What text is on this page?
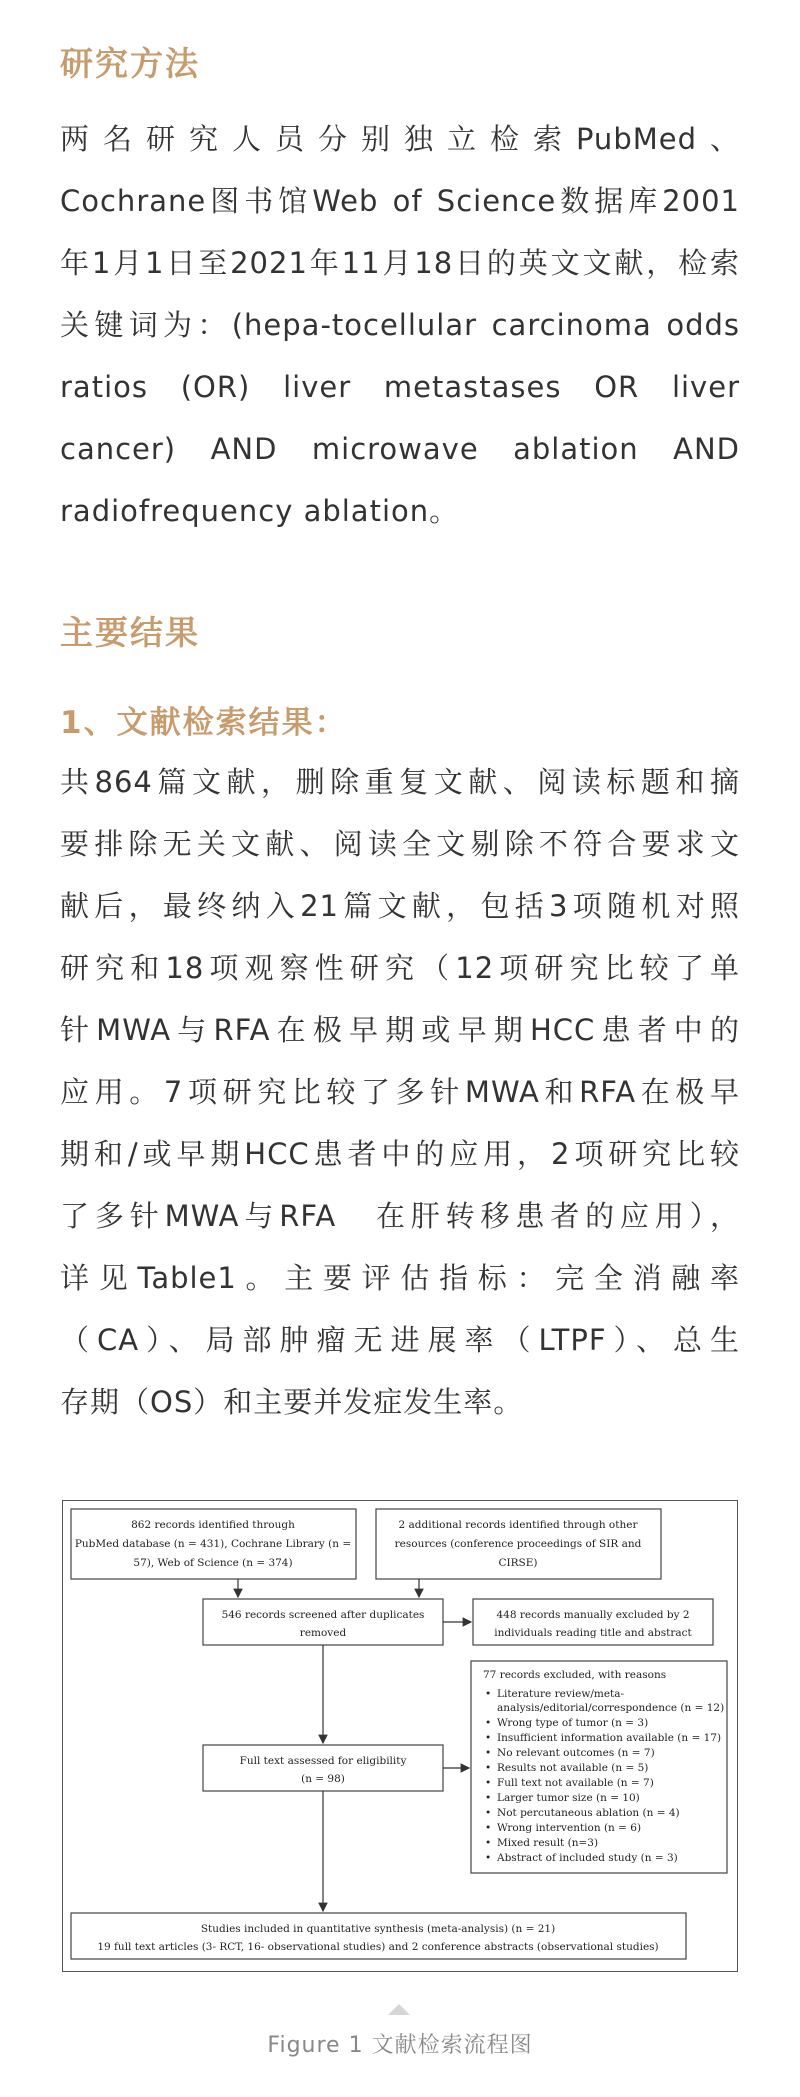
研究方法
两名研究人员分别独立检索PubMed、
Cochrane图书馆Web of Science数据库2001
年1月1日至2021年11月18日的英文文献，检索
关键词为：(hepa-tocellular carcinoma odds
ratios (OR) liver metastases OR liver
cancer) AND microwave ablation AND
radiofrequency ablation。
主要结果
1、文献检索结果：
共864篇文献，删除重复文献、阅读标题和摘
要排除无关文献、阅读全文剔除不符合要求文
献后，最终纳入21篇文献，包括3项随机对照
研究和18项观察性研究（12项研究比较了单
针MWA与RFA在极早期或早期HCC患者中的
应用。7项研究比较了多针MWA和RFA在极早
期和/或早期HCC患者中的应用，2项研究比较
了多针MWA与RFA　在肝转移患者的应用），
详见Table1。主要评估指标：完全消融率
（CA）、局部肿瘤无进展率（LTPF）、总生
存期（OS）和主要并发症发生率。
862 records identified through
PubMed database (n = 431), Cochrane Library (n =
57), Web of Science (n = 374)
2 additional records identified through other
resources (conference proceedings of SIR and
CIRSE)
546 records screened after duplicates
removed
448 records manually excluded by 2
individuals reading title and abstract
77 records excluded, with reasons
• Literature review/meta-
analysis/editorial/correspondence (n = 12)
• Wrong type of tumor (n = 3)
• Insufficient information available (n = 17)
• No relevant outcomes (n = 7)
• Results not available (n = 5)
• Full text not available (n = 7)
• Larger tumor size (n = 10)
• Not percutaneous ablation (n = 4)
• Wrong intervention (n = 6)
• Mixed result (n=3)
• Abstract of included study (n = 3)
Full text assessed for eligibility
(n = 98)
Studies included in quantitative synthesis (meta-analysis) (n = 21)
19 full text articles (3- RCT, 16- observational studies) and 2 conference abstracts (observational studies)
Figure 1 文献检索流程图
